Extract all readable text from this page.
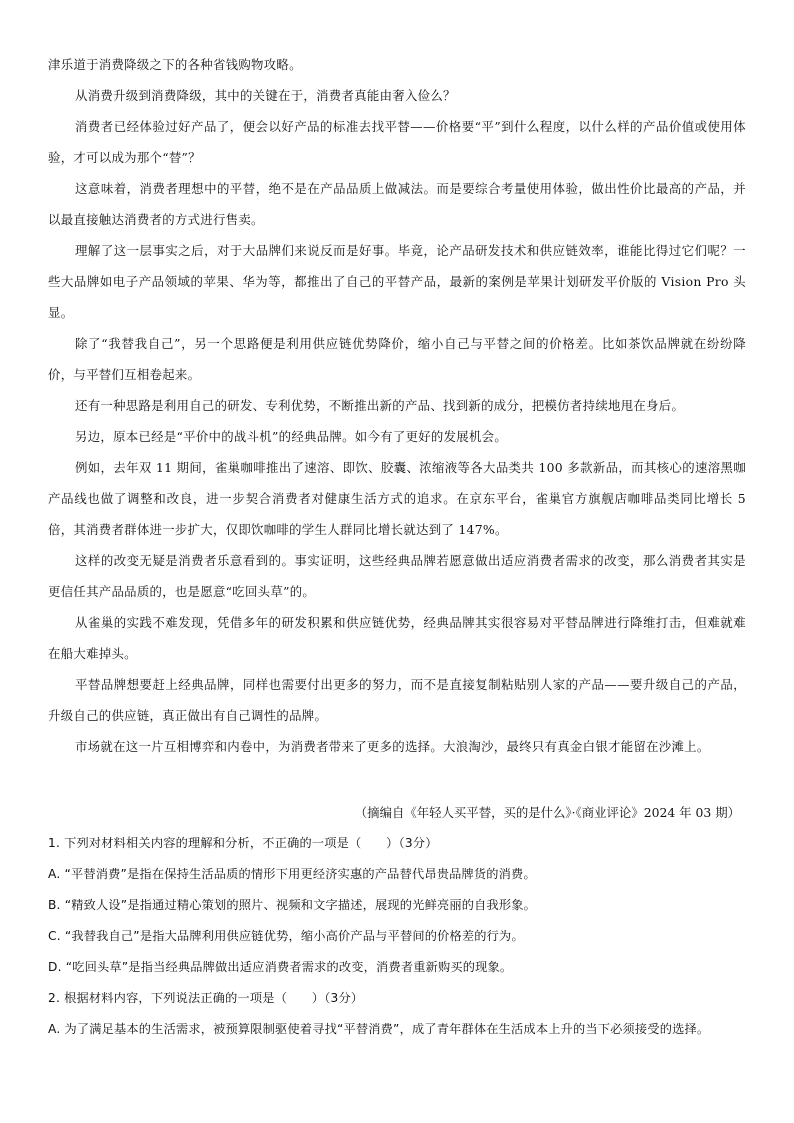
津乐道于消费降级之下的各种省钱购物攻略。

从消费升级到消费降级，其中的关键在于，消费者真能由奢入俭么？

消费者已经体验过好产品了，便会以好产品的标准去找平替——价格要“平”到什么程度，以什么样的产品价值或使用体验，才可以成为那个“替”？

这意味着，消费者理想中的平替，绝不是在产品品质上做减法。而是要综合考量使用体验，做出性价比最高的产品，并以最直接触达消费者的方式进行售卖。

理解了这一层事实之后，对于大品牌们来说反而是好事。毕竟，论产品研发技术和供应链效率，谁能比得过它们呢？一些大品牌如电子产品领域的苹果、华为等，都推出了自己的平替产品，最新的案例是苹果计划研发平价版的 Vision Pro 头显。

除了“我替我自己”，另一个思路便是利用供应链优势降价，缩小自己与平替之间的价格差。比如茶饮品牌就在纷纷降价，与平替们互相卷起来。

还有一种思路是利用自己的研发、专利优势，不断推出新的产品、找到新的成分，把模仿者持续地甩在身后。

另边，原本已经是“平价中的战斗机”的经典品牌。如今有了更好的发展机会。

例如，去年双 11 期间，雀巢咖啡推出了速溶、即饮、胶囊、浓缩液等各大品类共 100 多款新品，而其核心的速溶黑咖产品线也做了调整和改良，进一步契合消费者对健康生活方式的追求。在京东平台，雀巢官方旗舰店咖啡品类同比增长 5 倍，其消费者群体进一步扩大，仅即饮咖啡的学生人群同比增长就达到了 147%。

这样的改变无疑是消费者乐意看到的。事实证明，这些经典品牌若愿意做出适应消费者需求的改变，那么消费者其实是更信任其产品品质的，也是愿意“吃回头草”的。

从雀巢的实践不难发现，凭借多年的研发积累和供应链优势，经典品牌其实很容易对平替品牌进行降维打击，但难就难在船大难掉头。

平替品牌想要赶上经典品牌，同样也需要付出更多的努力，而不是直接复制粘贴别人家的产品——要升级自己的产品，升级自己的供应链，真正做出有自己调性的品牌。

市场就在这一片互相博弈和内卷中，为消费者带来了更多的选择。大浪淘沙，最终只有真金白银才能留在沙滩上。

（摘编自《年轻人买平替，买的是什么》·《商业评论》2024 年 03 期）

1. 下列对材料相关内容的理解和分析，不正确的一项是（　　）（3分）

A. “平替消费”是指在保持生活品质的情形下用更经济实惠的产品替代昂贵品牌货的消费。

B. “精致人设”是指通过精心策划的照片、视频和文字描述，展现的光鲜亮丽的自我形象。

C. “我替我自己”是指大品牌利用供应链优势，缩小高价产品与平替间的价格差的行为。

D. “吃回头草”是指当经典品牌做出适应消费者需求的改变，消费者重新购买的现象。

2. 根据材料内容，下列说法正确的一项是（　　）（3分）

A. 为了满足基本的生活需求，被预算限制驱使着寻找“平替消费”，成了青年群体在生活成本上升的当下必须接受的选择。
